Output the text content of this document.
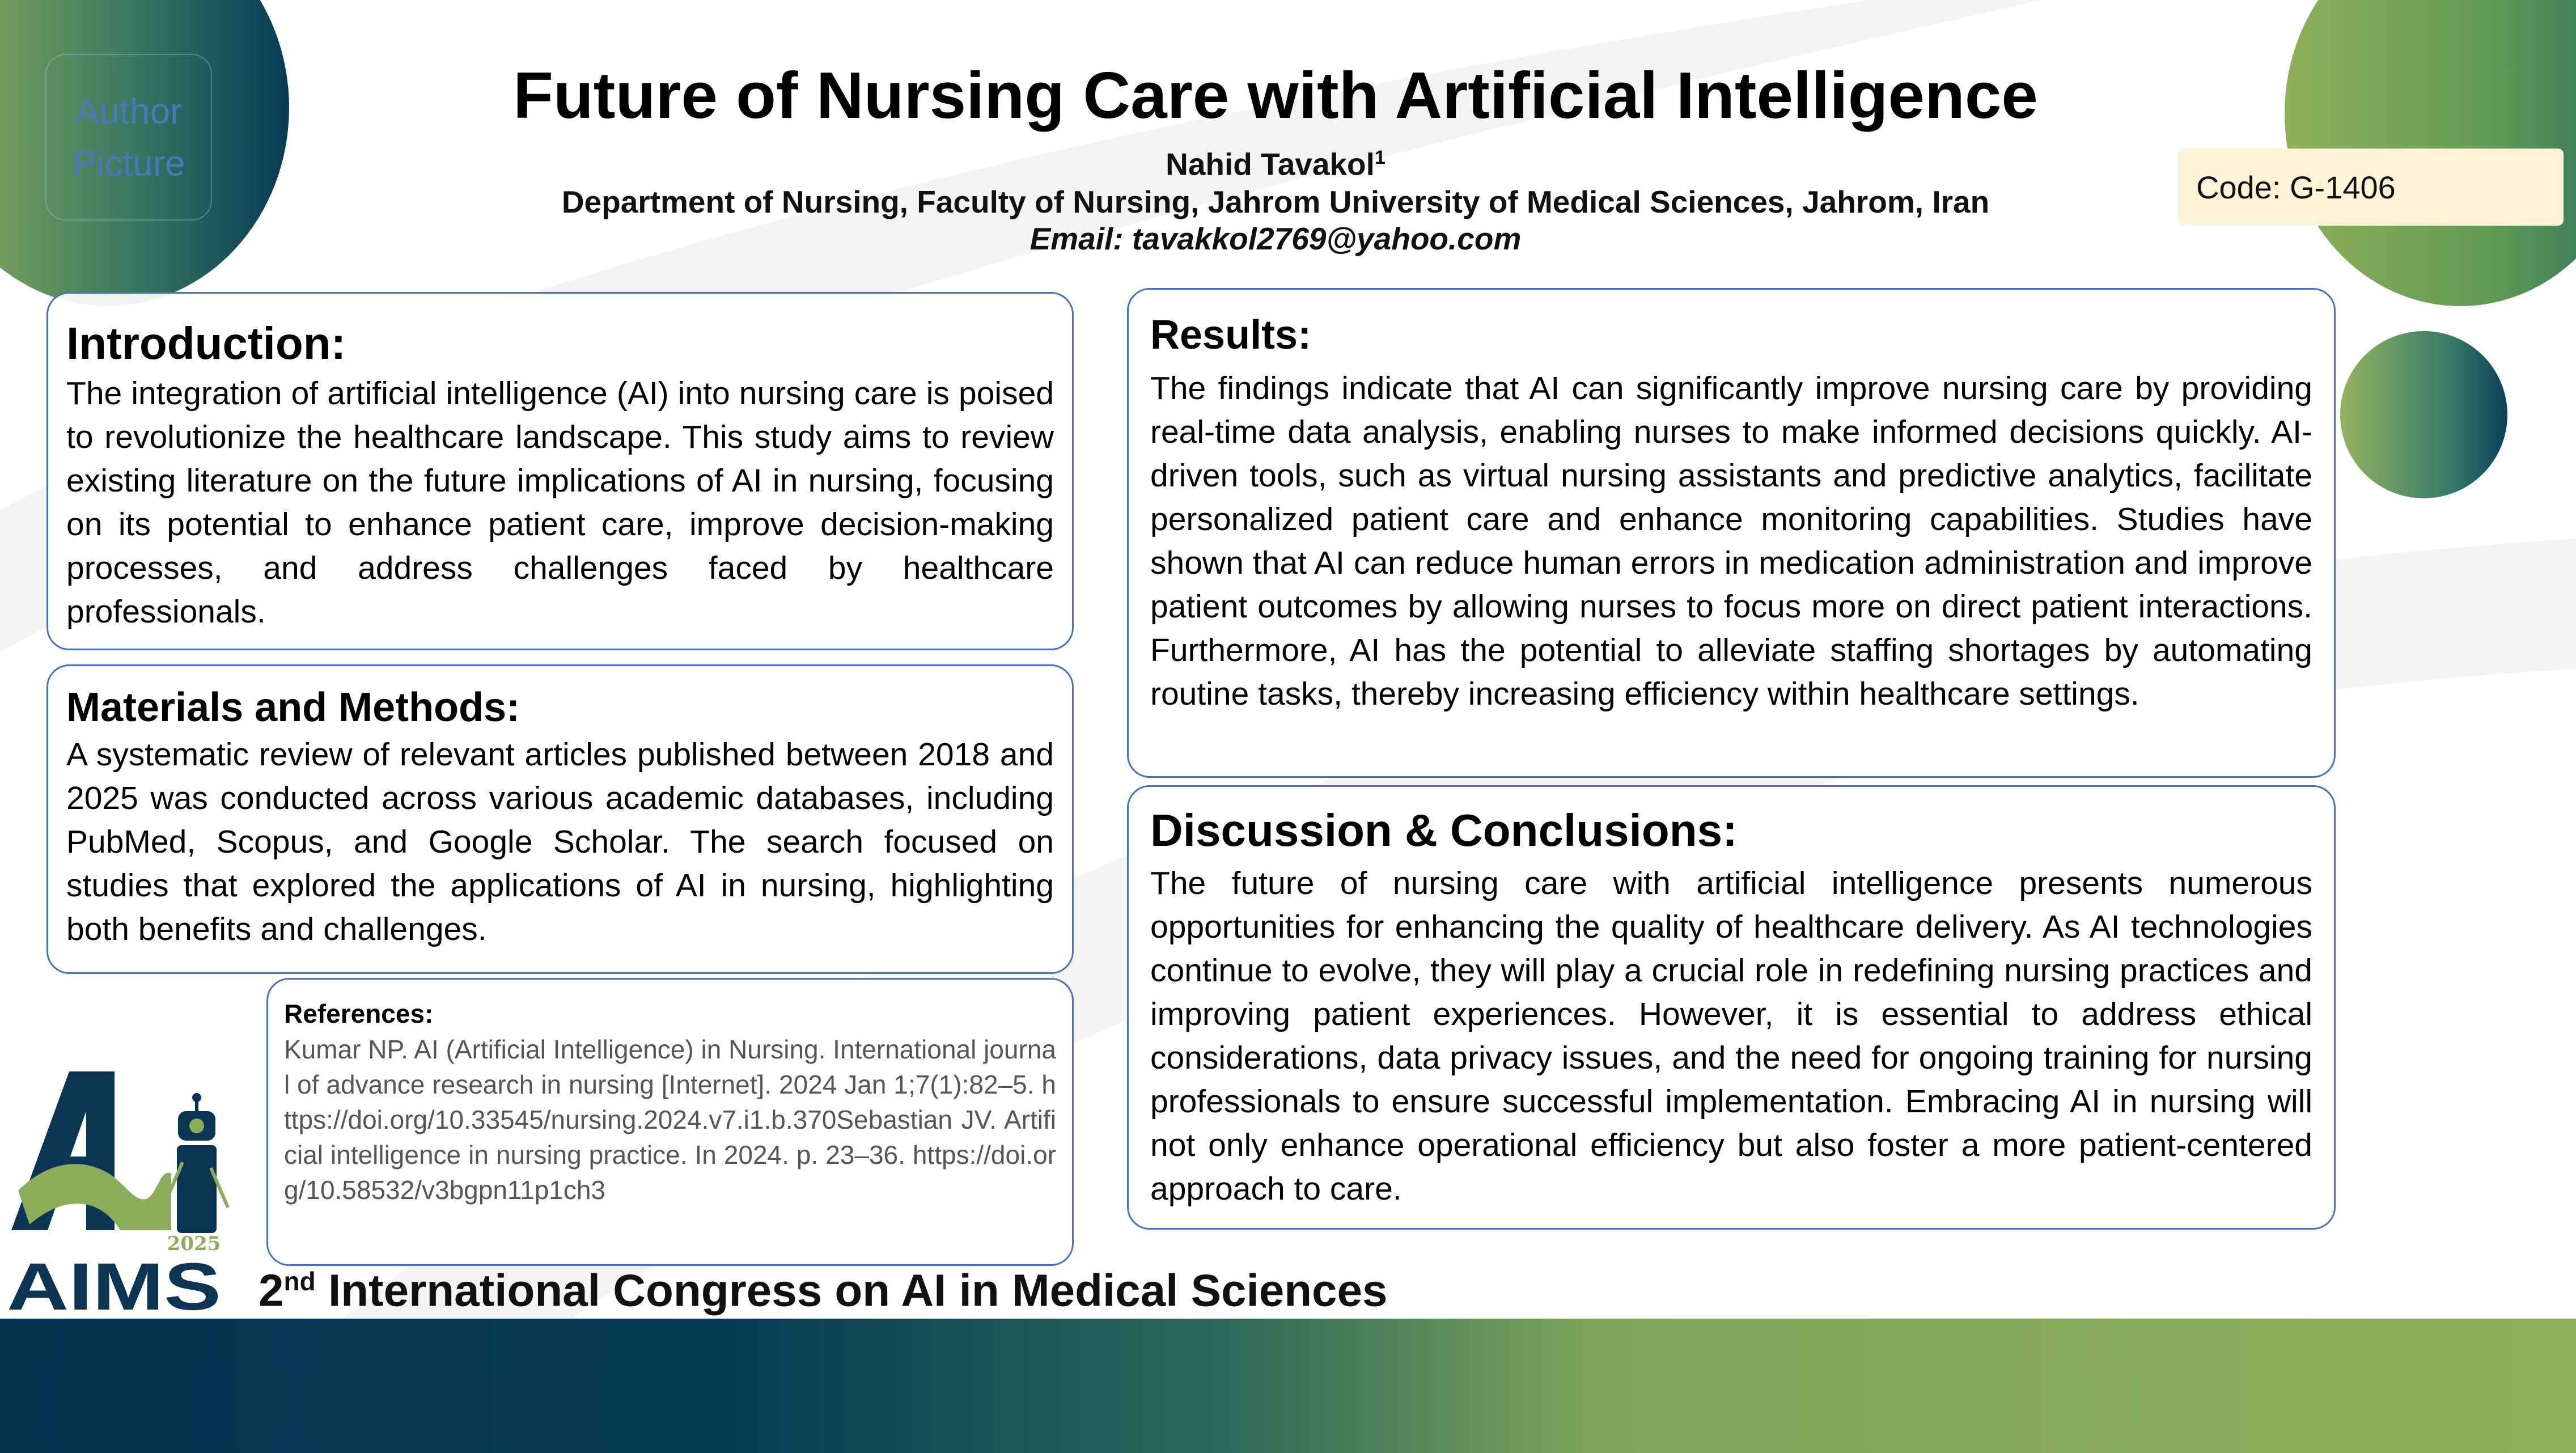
Author Picture
Future of Nursing Care with Artificial Intelligence
Nahid Tavakol$^1$
Department of Nursing, Faculty of Nursing, Jahrom University of Medical Sciences, Jahrom, Iran
Email: tavakkol2769@yahoo.com
Code: G-1406
Introduction:

The integration of artificial intelligence (AI) into nursing care is poised to revolutionize the healthcare landscape. This study aims to review existing literature on the future implications of AI in nursing, focusing on its potential to enhance patient care, improve decision-making processes, and address challenges faced by healthcare professionals.

Materials and Methods:

A systematic review of relevant articles published between 2018 and 2025 was conducted across various academic databases, including PubMed, Scopus, and Google Scholar. The search focused on studies that explored the applications of AI in nursing, highlighting both benefits and challenges.

References:

Kumar NP. AI (Artificial Intelligence) in Nursing. International journal of advance research in nursing [Internet]. 2024 Jan 1;7(1):82–5. https://doi.org/10.33545/nursing.2024.v7.i1.b.370Sebastian JV. Artificial intelligence in nursing practice. In 2024. p. 23–36. https://doi.org/10.58532/v3bgpn11p1ch3

Results:

The findings indicate that AI can significantly improve nursing care by providing real-time data analysis, enabling nurses to make informed decisions quickly. AI-driven tools, such as virtual nursing assistants and predictive analytics, facilitate personalized patient care and enhance monitoring capabilities. Studies have shown that AI can reduce human errors in medication administration and improve patient outcomes by allowing nurses to focus more on direct patient interactions. Furthermore, AI has the potential to alleviate staffing shortages by automating routine tasks, thereby increasing efficiency within healthcare settings.

Discussion & Conclusions:

The future of nursing care with artificial intelligence presents numerous opportunities for enhancing the quality of healthcare delivery. As AI technologies continue to evolve, they will play a crucial role in redefining nursing practices and improving patient experiences. However, it is essential to address ethical considerations, data privacy issues, and the need for ongoing training for nursing professionals to ensure successful implementation. Embracing AI in nursing will not only enhance operational efficiency but also foster a more patient-centered approach to care.

2025
AIMS 2nd International Congress on AI in Medical Sciences
